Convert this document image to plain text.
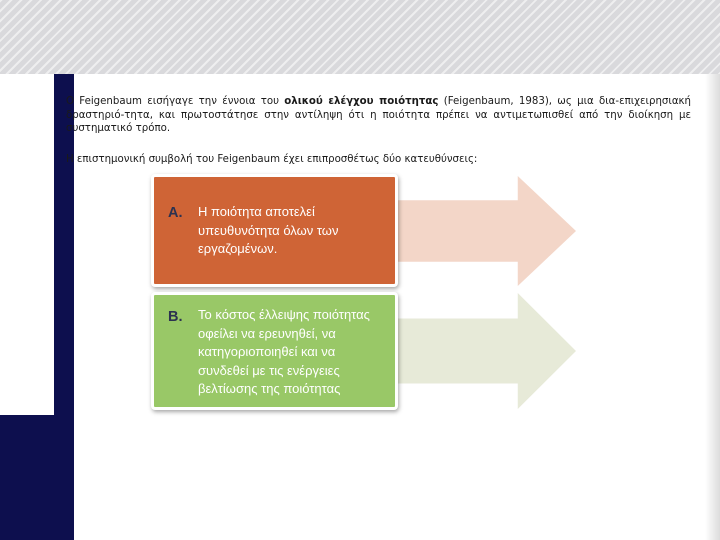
Ο Feigenbaum εισήγαγε την έννοια του ολικού ελέγχου ποιότητας (Feigenbaum, 1983), ως μια δια-επιχειρησιακή δραστηριό-τητα, και πρωτοστάτησε στην αντίληψη ότι η ποιότητα πρέπει να αντιμετωπισθεί από την διοίκηση με συστηματικό τρόπο.

Η επιστημονική συμβολή του Feigenbaum έχει επιπροσθέτως δύο κατευθύνσεις:

A. Η ποιότητα αποτελεί υπευθυνότητα όλων των εργαζομένων.
B. Το κόστος έλλειψης ποιότητας οφείλει να ερευνηθεί, να κατηγοριοποιηθεί και να συνδεθεί με τις ενέργειες βελτίωσης της ποιότητας
